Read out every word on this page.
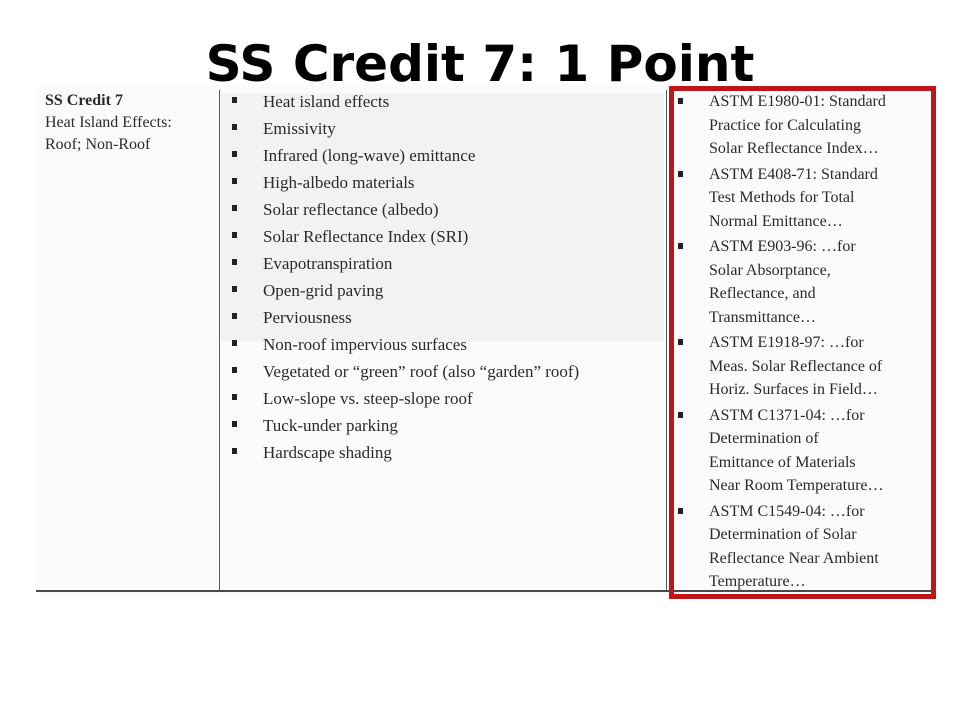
SS Credit 7: 1 Point
SS Credit 7
Heat Island Effects:
Roof; Non-Roof
Heat island effects
Emissivity
Infrared (long-wave) emittance
High-albedo materials
Solar reflectance (albedo)
Solar Reflectance Index (SRI)
Evapotranspiration
Open-grid paving
Perviousness
Non-roof impervious surfaces
Vegetated or “green” roof (also “garden” roof)
Low-slope vs. steep-slope roof
Tuck-under parking
Hardscape shading
ASTM E1980-01: Standard
Practice for Calculating
Solar Reflectance Index…
ASTM E408-71: Standard
Test Methods for Total
Normal Emittance…
ASTM E903-96: …for
Solar Absorptance,
Reflectance, and
Transmittance…
ASTM E1918-97: …for
Meas. Solar Reflectance of
Horiz. Surfaces in Field…
ASTM C1371-04: …for
Determination of
Emittance of Materials
Near Room Temperature…
ASTM C1549-04: …for
Determination of Solar
Reflectance Near Ambient
Temperature…
